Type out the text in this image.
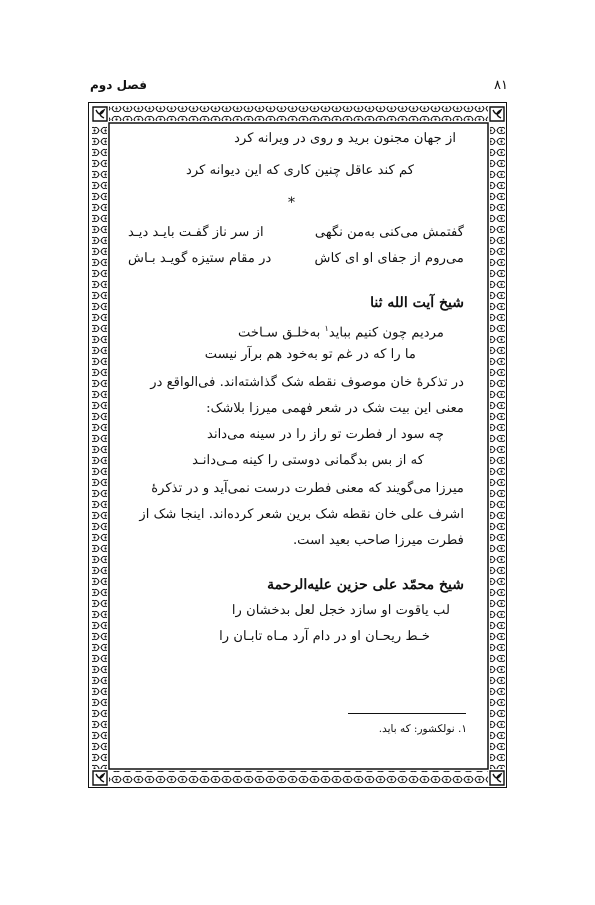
۸۱
فصل دوم
از جهان مجنون برید و روی در ویرانه کرد
کم کند عاقل چنین کاری که این دیوانه کرد
*
گفتمش می‌کنی به‌من نگهی
از سر ناز گفـت بایـد دیـد
می‌روم از جفای او ای کاش
در مقام ستیزه گویـد بـاش
شیخ آیت الله ثنا
مردیم چون کنیم بباید$^۱$ به‌خلـق سـاخت
ما را که در غم تو به‌خود هم برآر نیست
در تذکرهٔ خان موصوف نقطه شک گذاشته‌اند. فی‌الواقع در
معنی این بیت شک در شعر فهمی میرزا بلاشک:
چه سود ار فطرت تو راز را در سینه می‌داند
که از بس بدگمانی دوستی را کینه مـی‌دانـد
میرزا می‌گویند که معنی فطرت درست نمی‌آید و در تذکرهٔ
اشرف علی خان نقطه شک برین شعر کرده‌اند. اینجا شک از
فطرت میرزا صاحب بعید است.
شیخ محمّد علی حزین علیه‌الرحمة
لب یاقوت او سازد خجل لعل بدخشان را
خـط ریحـان او در دام آرد مـاه تابـان را
۱. نولکشور: که باید.
